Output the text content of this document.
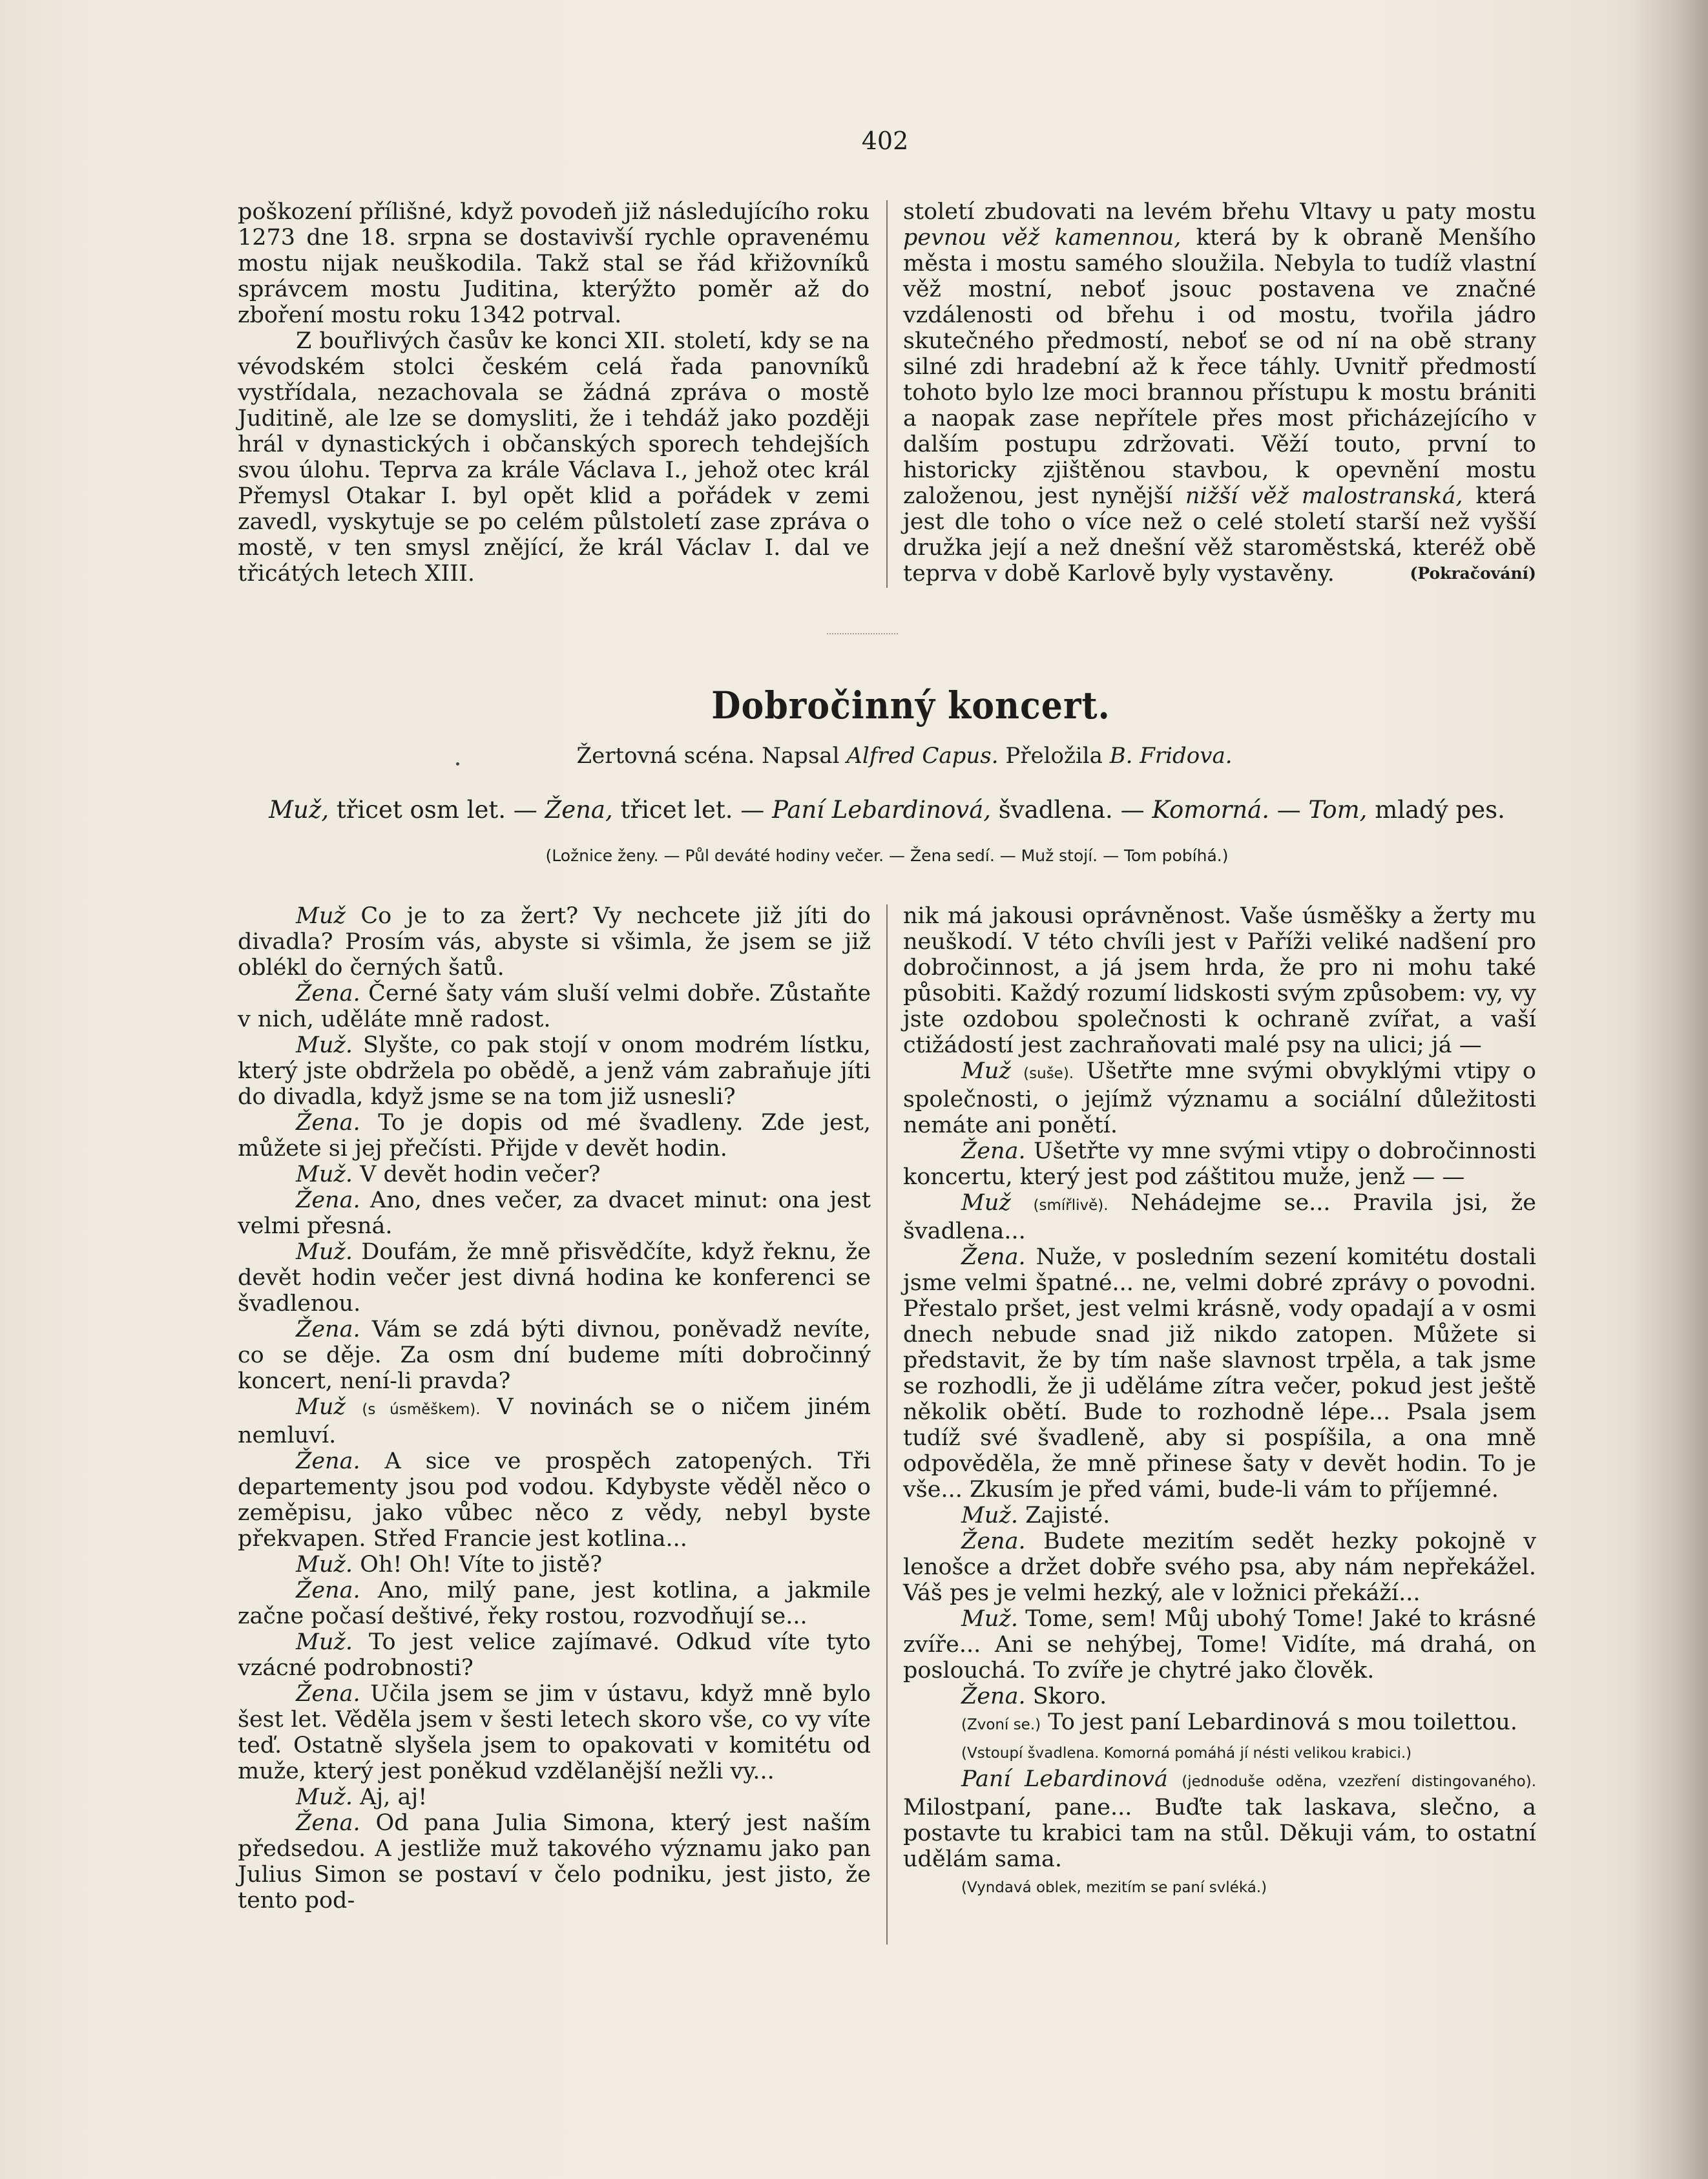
402

poškození přílišné, když povodeň již následujícího roku 1273 dne 18. srpna se dostavivší rychle opravenému mostu nijak neuškodila. Takž stal se řád křižovníků správcem mostu Juditina, kterýžto poměr až do zboření mostu roku 1342 potrval.

Z bouřlivých časův ke konci XII. století, kdy se na vévodském stolci českém celá řada panovníků vystřídala, nezachovala se žádná zpráva o mostě Juditině, ale lze se domysliti, že i tehdáž jako později hrál v dynastických i občanských sporech tehdejších svou úlohu. Teprva za krále Václava I., jehož otec král Přemysl Otakar I. byl opět klid a pořádek v zemi zavedl, vyskytuje se po celém půlstoletí zase zpráva o mostě, v ten smysl znějící, že král Václav I. dal ve třicátých letech XIII.

století zbudovati na levém břehu Vltavy u paty mostu pevnou věž kamennou, která by k obraně Menšího města i mostu samého sloužila. Nebyla to tudíž vlastní věž mostní, neboť jsouc postavena ve značné vzdálenosti od břehu i od mostu, tvořila jádro skutečného předmostí, neboť se od ní na obě strany silné zdi hradební až k řece táhly. Uvnitř předmostí tohoto bylo lze moci brannou přístupu k mostu brániti a naopak zase nepřítele přes most přicházejícího v dalším postupu zdržovati. Věží touto, první to historicky zjištěnou stavbou, k opevnění mostu založenou, jest nynější nižší věž malostranská, která jest dle toho o více než o celé století starší než vyšší družka její a než dnešní věž staroměstská, kteréž obě teprva v době Karlově byly vystavěny.	(Pokračování)

Dobročinný koncert.
Žertovná scéna. Napsal Alfred Capus. Přeložila B. Fridova.
Muž, třicet osm let. — Žena, třicet let. — Paní Lebardinová, švadlena. — Komorná. — Tom, mladý pes.
(Ložnice ženy. — Půl deváté hodiny večer. — Žena sedí. — Muž stojí. — Tom pobíhá.)

Muž Co je to za žert? Vy nechcete již jíti do divadla? Prosím vás, abyste si všimla, že jsem se již oblékl do černých šatů.

Žena. Černé šaty vám sluší velmi dobře. Zůstaňte v nich, uděláte mně radost.

Muž. Slyšte, co pak stojí v onom modrém lístku, který jste obdržela po obědě, a jenž vám zabraňuje jíti do divadla, když jsme se na tom již usnesli?

Žena. To je dopis od mé švadleny. Zde jest, můžete si jej přečísti. Přijde v devět hodin.

Muž. V devět hodin večer?

Žena. Ano, dnes večer, za dvacet minut: ona jest velmi přesná.

Muž. Doufám, že mně přisvědčíte, když řeknu, že devět hodin večer jest divná hodina ke konferenci se švadlenou.

Žena. Vám se zdá býti divnou, poněvadž nevíte, co se děje. Za osm dní budeme míti dobročinný koncert, není-li pravda?

Muž (s úsměškem). V novinách se o ničem jiném nemluví.

Žena. A sice ve prospěch zatopených. Tři departementy jsou pod vodou. Kdybyste věděl něco o zeměpisu, jako vůbec něco z vědy, nebyl byste překvapen. Střed Francie jest kotlina...

Muž. Oh! Oh! Víte to jistě?

Žena. Ano, milý pane, jest kotlina, a jakmile začne počasí deštivé, řeky rostou, rozvodňují se...

Muž. To jest velice zajímavé. Odkud víte tyto vzácné podrobnosti?

Žena. Učila jsem se jim v ústavu, když mně bylo šest let. Věděla jsem v šesti letech skoro vše, co vy víte teď. Ostatně slyšela jsem to opakovati v komitétu od muže, který jest poněkud vzdělanější nežli vy...

Muž. Aj, aj!

Žena. Od pana Julia Simona, který jest naším předsedou. A jestliže muž takového významu jako pan Julius Simon se postaví v čelo podniku, jest jisto, že tento pod-

nik má jakousi oprávněnost. Vaše úsměšky a žerty mu neuškodí. V této chvíli jest v Paříži veliké nadšení pro dobročinnost, a já jsem hrda, že pro ni mohu také působiti. Každý rozumí lidskosti svým způsobem: vy, vy jste ozdobou společnosti k ochraně zvířat, a vaší ctižádostí jest zachraňovati malé psy na ulici; já —

Muž (suše). Ušetřte mne svými obvyklými vtipy o společnosti, o jejímž významu a sociální důležitosti nemáte ani ponětí.

Žena. Ušetřte vy mne svými vtipy o dobročinnosti koncertu, který jest pod záštitou muže, jenž — —

Muž (smířlivě). Nehádejme se... Pravila jsi, že švadlena...

Žena. Nuže, v posledním sezení komitétu dostali jsme velmi špatné... ne, velmi dobré zprávy o povodni. Přestalo pršet, jest velmi krásně, vody opadají a v osmi dnech nebude snad již nikdo zatopen. Můžete si představit, že by tím naše slavnost trpěla, a tak jsme se rozhodli, že ji uděláme zítra večer, pokud jest ještě několik obětí. Bude to rozhodně lépe... Psala jsem tudíž své švadleně, aby si pospíšila, a ona mně odpověděla, že mně přinese šaty v devět hodin. To je vše... Zkusím je před vámi, bude-li vám to příjemné.

Muž. Zajisté.

Žena. Budete mezitím sedět hezky pokojně v lenošce a držet dobře svého psa, aby nám nepřekážel. Váš pes je velmi hezký, ale v ložnici překáží...

Muž. Tome, sem! Můj ubohý Tome! Jaké to krásné zvíře... Ani se nehýbej, Tome! Vidíte, má drahá, on poslouchá. To zvíře je chytré jako člověk.

Žena. Skoro.

(Zvoní se.) To jest paní Lebardinová s mou toilettou.

(Vstoupí švadlena. Komorná pomáhá jí nésti velikou krabici.)

Paní Lebardinová (jednoduše oděna, vzezření distingovaného). Milostpaní, pane... Buďte tak laskava, slečno, a postavte tu krabici tam na stůl. Děkuji vám, to ostatní udělám sama.

(Vyndavá oblek, mezitím se paní svléká.)
